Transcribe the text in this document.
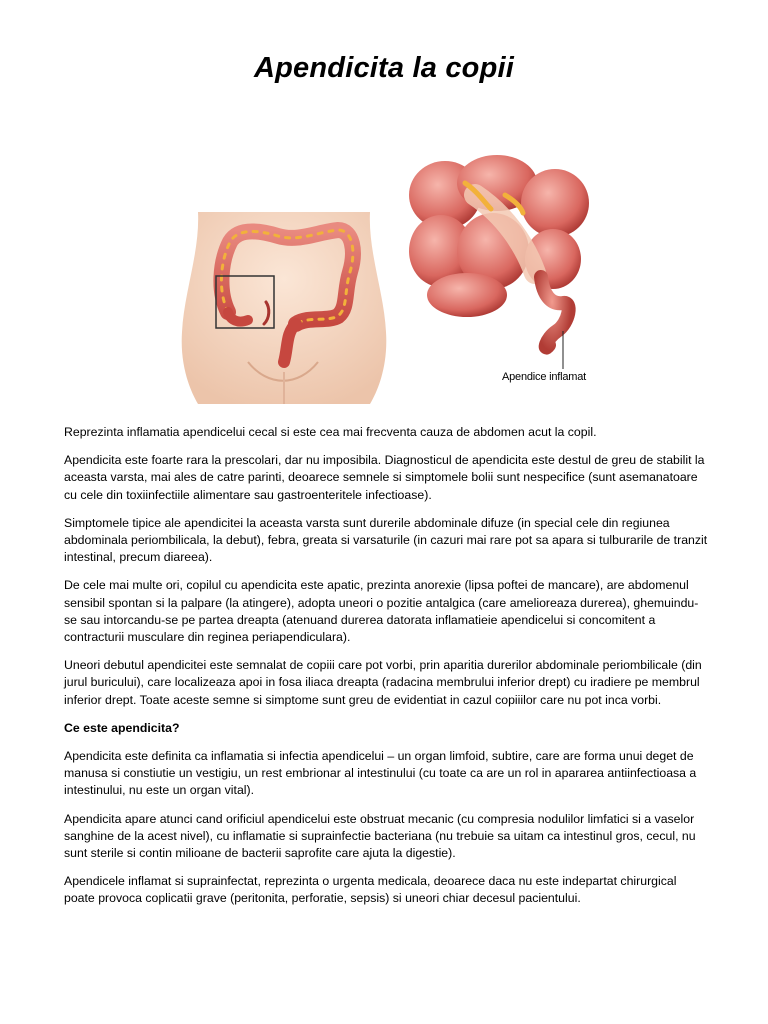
Apendicita la copii
Apendice inflamat

Reprezinta inflamatia apendicelui cecal si este cea mai frecventa cauza de abdomen acut la copil.

Apendicita este foarte rara la prescolari, dar nu imposibila. Diagnosticul de apendicita este destul de greu de stabilit la aceasta varsta, mai ales de catre parinti, deoarece semnele si simptomele bolii sunt nespecifice (sunt asemanatoare cu cele din toxiinfectiile alimentare sau gastroenteritele infectioase).

Simptomele tipice ale apendicitei la aceasta varsta sunt durerile abdominale difuze (in special cele din regiunea abdominala periombilicala, la debut), febra, greata si varsaturile (in cazuri mai rare pot sa apara si tulburarile de tranzit intestinal, precum diareea).

De cele mai multe ori, copilul cu apendicita este apatic, prezinta anorexie (lipsa poftei de mancare), are abdomenul sensibil spontan si la palpare (la atingere), adopta uneori o pozitie antalgica (care amelioreaza durerea), ghemuindu-se sau intorcandu-se pe partea dreapta (atenuand durerea datorata inflamatieie apendicelui si concomitent a contracturii musculare din reginea periapendiculara).

Uneori debutul apendicitei este semnalat de copiii care pot vorbi, prin aparitia durerilor abdominale periombilicale (din jurul buricului), care localizeaza apoi in fosa iliaca dreapta (radacina membrului inferior drept) cu iradiere pe membrul inferior drept. Toate aceste semne si simptome sunt greu de evidentiat in cazul copiiilor care nu pot inca vorbi.

Ce este apendicita?

Apendicita este definita ca inflamatia si infectia apendicelui – un organ limfoid, subtire, care are forma unui deget de manusa si constiutie un vestigiu, un rest embrionar al intestinului (cu toate ca are un rol in apararea antiinfectioasa a intestinului, nu este un organ vital).

Apendicita apare atunci cand orificiul apendicelui este obstruat mecanic (cu compresia nodulilor limfatici si a vaselor sanghine de la acest nivel), cu inflamatie si suprainfectie bacteriana (nu trebuie sa uitam ca intestinul gros, cecul, nu sunt sterile si contin milioane de bacterii saprofite care ajuta la digestie).

Apendicele inflamat si suprainfectat, reprezinta o urgenta medicala, deoarece daca nu este indepartat chirurgical poate provoca coplicatii grave (peritonita, perforatie, sepsis) si uneori chiar decesul pacientului.
